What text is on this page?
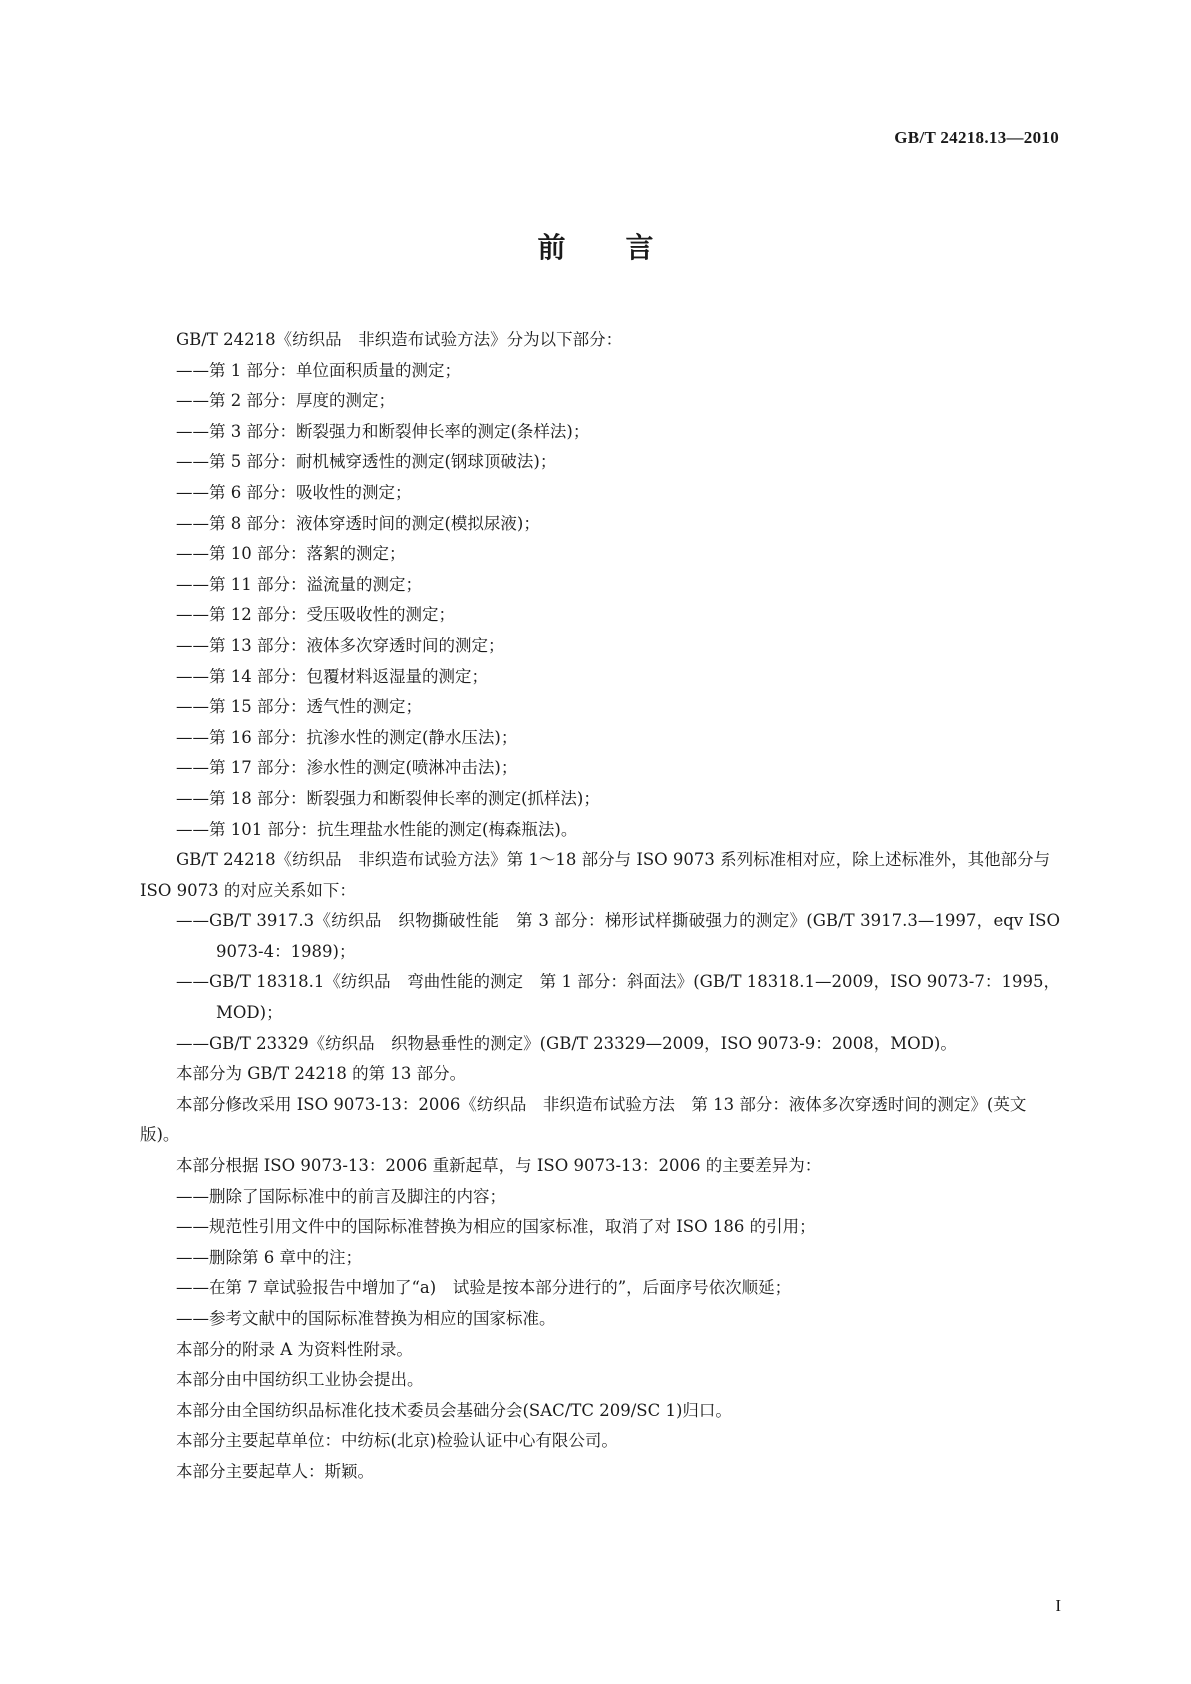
GB/T 24218.13—2010
前言

GB/T 24218《纺织品　非织造布试验方法》分为以下部分：

——第 1 部分：单位面积质量的测定；

——第 2 部分：厚度的测定；

——第 3 部分：断裂强力和断裂伸长率的测定(条样法)；

——第 5 部分：耐机械穿透性的测定(钢球顶破法)；

——第 6 部分：吸收性的测定；

——第 8 部分：液体穿透时间的测定(模拟尿液)；

——第 10 部分：落絮的测定；

——第 11 部分：溢流量的测定；

——第 12 部分：受压吸收性的测定；

——第 13 部分：液体多次穿透时间的测定；

——第 14 部分：包覆材料返湿量的测定；

——第 15 部分：透气性的测定；

——第 16 部分：抗渗水性的测定(静水压法)；

——第 17 部分：渗水性的测定(喷淋冲击法)；

——第 18 部分：断裂强力和断裂伸长率的测定(抓样法)；

——第 101 部分：抗生理盐水性能的测定(梅森瓶法)。

GB/T 24218《纺织品　非织造布试验方法》第 1～18 部分与 ISO 9073 系列标准相对应，除上述标准外，其他部分与 ISO 9073 的对应关系如下：

——GB/T 3917.3《纺织品　织物撕破性能　第 3 部分：梯形试样撕破强力的测定》(GB/T 3917.3—1997，eqv ISO 9073-4：1989)；

——GB/T 18318.1《纺织品　弯曲性能的测定　第 1 部分：斜面法》(GB/T 18318.1—2009，ISO 9073-7：1995，MOD)；

——GB/T 23329《纺织品　织物悬垂性的测定》(GB/T 23329—2009，ISO 9073-9：2008，MOD)。

本部分为 GB/T 24218 的第 13 部分。

本部分修改采用 ISO 9073-13：2006《纺织品　非织造布试验方法　第 13 部分：液体多次穿透时间的测定》(英文版)。

本部分根据 ISO 9073-13：2006 重新起草，与 ISO 9073-13：2006 的主要差异为：

——删除了国际标准中的前言及脚注的内容；

——规范性引用文件中的国际标准替换为相应的国家标准，取消了对 ISO 186 的引用；

——删除第 6 章中的注；

——在第 7 章试验报告中增加了“a)　试验是按本部分进行的”，后面序号依次顺延；

——参考文献中的国际标准替换为相应的国家标准。

本部分的附录 A 为资料性附录。

本部分由中国纺织工业协会提出。

本部分由全国纺织品标准化技术委员会基础分会(SAC/TC 209/SC 1)归口。

本部分主要起草单位：中纺标(北京)检验认证中心有限公司。

本部分主要起草人：斯颖。

I
